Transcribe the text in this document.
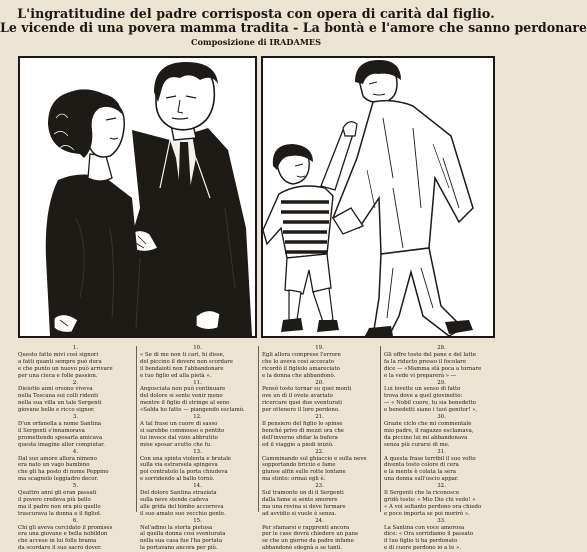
L'ingratitudine del padre corrisposta con opera di carità dal figlio.
Le vicende di una povera mamma tradita - La bontà e l'amore che sanno perdonare
Composizione di IRADAMES
1.
Questo fatto mivi così signori
a fatti quanti sempre può dura
e che punto un nuovo può arrivare
per una cieca e folle passion.
2.
Dieiotto anni orsono viveva
nella Toscana sui colli ridenti
nella sua villa un tale Sergenti
giovane bello e ricco signor.
3.
D'un orfanella a nome Santina
il Sergenti s'innamorava
promettendo sposarla amicava
questa imagine allor compiutar.
4.
Dal suo amore allora nimeno
era nato un vago bambino
che gli ha posto di nome Peppino
ma scagnolo leggiadro decor.
5.
Quattro anni gli eran passati
il povero credeva più bello
ma il padre non era più quello
trascurava la donna e il figliol.
6.
Chi gli aveva cercidato il promises
era una giovane e bella nobildon
che accese in lui folle brama
da scordare il suo sacro dover.
10.
« Se di me non ti cari, hi disse,
del piccino il dovere non scordare
il bendaioti non l'abbandonare
e tuo figlio ed alla pietà ».
11.
Angosciata non può continuare
del dolore si sente venir meno
mentre il figlio di stringe al seno
«Salda ho fatto — piangendo esclamò.
12.
A tal frase un cuore di sasso
si sarebbe commosso e pentito
lui invece dal vizio abbrutito
mise sposar avutto che fu.
13.
Con una spinta violenta e brutale
sulla via estrarsela spingeva
poi contratolo la porta chiudeva
e sorridendo al ballo tornò.
14.
Del dolore Santina straziata
sulla neve stende cadeva
alle grida del bimbo accorreva
il suo amato suo vecchio gente.
15.
Nel'adino la storta pietosa
al quella donna così sventurata
nella sua casa fue l'ha portata
la portavano ancora per più.
19.
Egli allora comprese l'errore
che lo aveva così accecato
ricordò il figliolo amareciato
e la donna che abbandonò.
20.
Pensò tosto tornar su quei monti
ove un dì il ovete avariato
ricercare quei due sventurati
per ottenere il loro perdono.
21.
Il pensiero del figlio lo spinse
benché privo di mezzi ora che
dell'inverno sfidar la bufera
ed il viaggio a piedi iniziò.
22.
Camminando sul ghiaccio e sulla neve
sopportando briciio e fame
giunse alfin sulle rotte lontane
ma stinto: ormai egli è.
23.
Sul tramonto un dì il Sergenti
dalla fame si sente smorere
ma una rovina si deve fermare
ad avvidio si vuole è senza.
24.
Per sfamarsi e rapprenti ancora
per le case dovrà chiedere un pane
se che un giorno da padre infame
abbandonò sdegnà a se tanti.
28.
Gli offre tosto del pane e del latte
fa la riducto presso il focolare
dice — «Mamma stà poca a tornare
e la vede vi preparerà » —
29.
Lui lovette un senso di fatto
trova dove a quel giovinetto:
— « Nobil cuore, tu sia benedetto
e benedetti siano i tuoi genitor! »,
30.
Grazie ciclo che mi commentale
mio padre, il ragazzo esclamava,
da piccino lui mi abbandonava
senza più curarsi di me.
31.
A questa frase terribil il suo volto
diventa tosto colore di cera
e la mente è colata la sera
una donna sull'uscio appar.
32.
Il Sergenti che la riconosce
gridò tosto: « Mio Dio chi vedo! »
« A voi soltanto perdono ora chiedo
e poco importa se poi morirò ».
33.
La Santina con voce amorosa
dice: « Ora sorridiamo il passato
il tuo figlio ti ha perdonato
e di cuore perdono io a te ».
